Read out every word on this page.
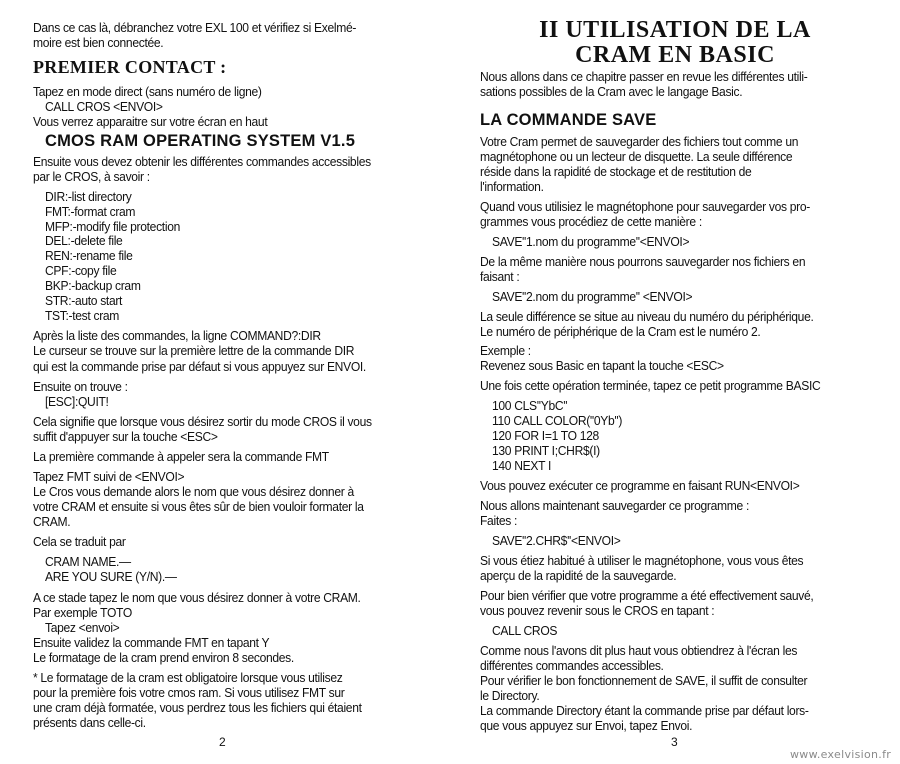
2
Dans ce cas là, débranchez votre EXL 100 et vérifiez si Exelmé-
moire est bien connectée.
PREMIER CONTACT :
Tapez en mode direct (sans numéro de ligne)
CALL CROS <ENVOI>
Vous verrez apparaitre sur votre écran en haut
CMOS RAM OPERATING SYSTEM V1.5
Ensuite vous devez obtenir les différentes commandes accessibles
par le CROS, à savoir :
DIR:-list directory
FMT:-format cram
MFP:-modify file protection
DEL:-delete file
REN:-rename file
CPF:-copy file
BKP:-backup cram
STR:-auto start
TST:-test cram
Après la liste des commandes, la ligne COMMAND?:DIR
Le curseur se trouve sur la première lettre de la commande DIR
qui est la commande prise par défaut si vous appuyez sur ENVOI.
Ensuite on trouve :
[ESC]:QUIT!
Cela signifie que lorsque vous désirez sortir du mode CROS il vous
suffit d'appuyer sur la touche <ESC>
La première commande à appeler sera la commande FMT
Tapez FMT suivi de <ENVOI>
Le Cros vous demande alors le nom que vous désirez donner à
votre CRAM et ensuite si vous êtes sûr de bien vouloir formater la
CRAM.
Cela se traduit par
CRAM NAME.—
ARE YOU SURE (Y/N).—
A ce stade tapez le nom que vous désirez donner à votre CRAM.
Par exemple TOTO
Tapez <envoi>
Ensuite validez la commande FMT en tapant Y
Le formatage de la cram prend environ 8 secondes.
* Le formatage de la cram est obligatoire lorsque vous utilisez
pour la première fois votre cmos ram. Si vous utilisez FMT sur
une cram déjà formatée, vous perdrez tous les fichiers qui étaient
présents dans celle-ci.
3
II UTILISATION DE LA
CRAM EN BASIC
Nous allons dans ce chapitre passer en revue les différentes utili-
sations possibles de la Cram avec le langage Basic.
LA COMMANDE SAVE
Votre Cram permet de sauvegarder des fichiers tout comme un
magnétophone ou un lecteur de disquette. La seule différence
réside dans la rapidité de stockage et de restitution de
l'information.
Quand vous utilisiez le magnétophone pour sauvegarder vos pro-
grammes vous procédiez de cette manière :
SAVE''1.nom du programme''<ENVOI>
De la même manière nous pourrons sauvegarder nos fichiers en
faisant :
SAVE''2.nom du programme'' <ENVOI>
La seule différence se situe au niveau du numéro du périphérique.
Le numéro de périphérique de la Cram est le numéro 2.
Exemple :
Revenez sous Basic en tapant la touche <ESC>
Une fois cette opération terminée, tapez ce petit programme BASIC
100 CLS''YbC''
110 CALL COLOR(''0Yb'')
120 FOR I=1 TO 128
130 PRINT I;CHR$(I)
140 NEXT I
Vous pouvez exécuter ce programme en faisant RUN<ENVOI>
Nous allons maintenant sauvegarder ce programme :
Faites :
SAVE''2.CHR$''<ENVOI>
Si vous étiez habitué à utiliser le magnétophone, vous vous êtes
aperçu de la rapidité de la sauvegarde.
Pour bien vérifier que votre programme a été effectivement sauvé,
vous pouvez revenir sous le CROS en tapant :
CALL CROS
Comme nous l'avons dit plus haut vous obtiendrez à l'écran les
différentes commandes accessibles.
Pour vérifier le bon fonctionnement de SAVE, il suffit de consulter
le Directory.
La commande Directory étant la commande prise par défaut lors-
que vous appuyez sur Envoi, tapez Envoi.
www.exelvision.fr
